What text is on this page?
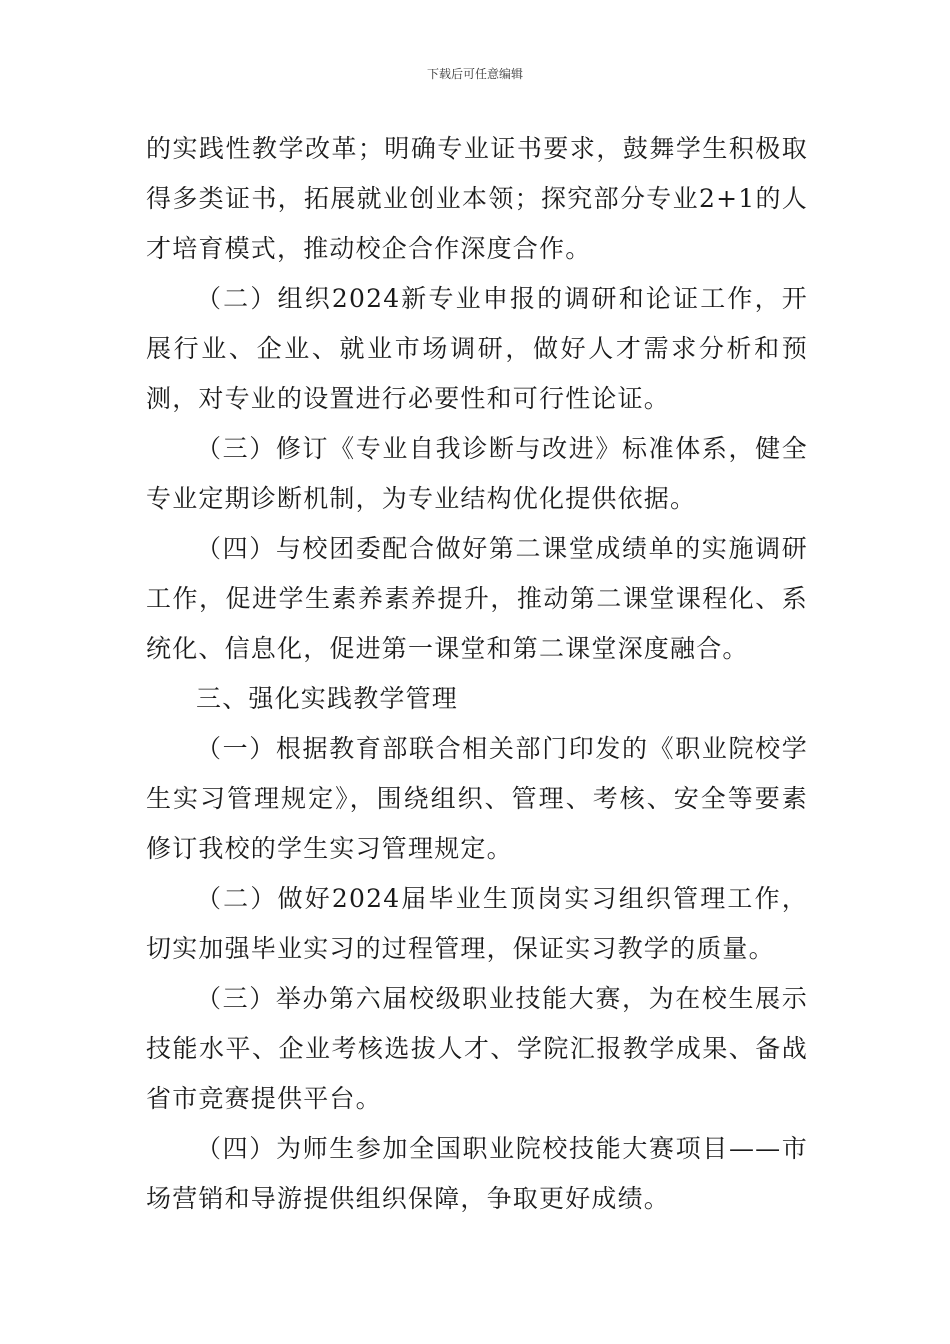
下载后可任意编辑

的实践性教学改革；明确专业证书要求，鼓舞学生积极取得多类证书，拓展就业创业本领；探究部分专业2+1的人才培育模式，推动校企合作深度合作。

（二）组织2024新专业申报的调研和论证工作，开展行业、企业、就业市场调研，做好人才需求分析和预测，对专业的设置进行必要性和可行性论证。

（三）修订《专业自我诊断与改进》标准体系，健全专业定期诊断机制，为专业结构优化提供依据。

（四）与校团委配合做好第二课堂成绩单的实施调研工作，促进学生素养素养提升，推动第二课堂课程化、系统化、信息化，促进第一课堂和第二课堂深度融合。

三、强化实践教学管理

（一）根据教育部联合相关部门印发的《职业院校学生实习管理规定》，围绕组织、管理、考核、安全等要素修订我校的学生实习管理规定。

（二）做好2024届毕业生顶岗实习组织管理工作，切实加强毕业实习的过程管理，保证实习教学的质量。

（三）举办第六届校级职业技能大赛，为在校生展示技能水平、企业考核选拔人才、学院汇报教学成果、备战省市竞赛提供平台。

（四）为师生参加全国职业院校技能大赛项目——市场营销和导游提供组织保障，争取更好成绩。
